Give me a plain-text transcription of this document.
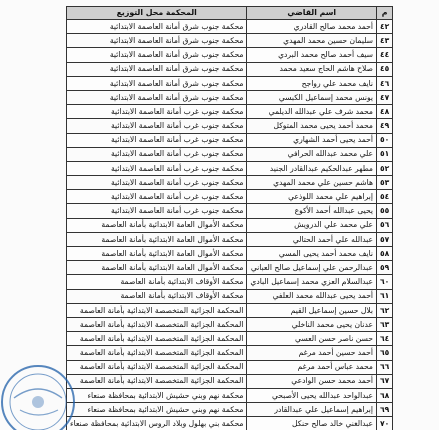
م	اسم القاضي	المحكمة محل التوزيع
٤٢	أحمد محمد صالح القادري	محكمة جنوب شرق أمانة العاصمة الابتدائية
٤٣	سليمان حسين محمد المهدي	محكمة جنوب شرق أمانة العاصمة الابتدائية
٤٤	سيف أحمد صالح محمد البردي	محكمة جنوب شرق أمانة العاصمة الابتدائية
٤٥	صلاح هاشم الحاج سعيد محمد	محكمة جنوب شرق أمانة العاصمة الابتدائية
٤٦	نايف محمد علي رواجح	محكمة جنوب شرق أمانة العاصمة الابتدائية
٤٧	يونس محمد إسماعيل الكبسي	محكمة جنوب شرق أمانة العاصمة الابتدائية
٤٨	محمد شرف علي عبدالله الديلمي	محكمة جنوب غرب أمانة العاصمة الابتدائية
٤٩	محمد أحمد يحيى محمد المتوكل	محكمة جنوب غرب أمانة العاصمة الابتدائية
٥٠	أحمد يحيى أحمد الشهاري	محكمة جنوب غرب أمانة العاصمة الابتدائية
٥١	علي محمد عبدالله الحرافي	محكمة جنوب غرب أمانة العاصمة الابتدائية
٥٢	مطهر عبدالحكيم عبدالقادر الجنيد	محكمة جنوب غرب أمانة العاصمة الابتدائية
٥٣	هاشم حسين علي محمد المهدي	محكمة جنوب غرب أمانة العاصمة الابتدائية
٥٤	إبراهيم علي محمد اللوذعي	محكمة جنوب غرب أمانة العاصمة الابتدائية
٥٥	يحيى عبدالله أحمد الأكوع	محكمة جنوب غرب أمانة العاصمة الابتدائية
٥٦	علي محمد علي الدرويش	محكمة الأموال العامة الابتدائية بأمانة العاصمة
٥٧	عبدالله علي أحمد الحتالي	محكمة الأموال العامة الابتدائية بأمانة العاصمة
٥٨	نايف محمد أحمد يحيى المسي	محكمة الأموال العامة الابتدائية بأمانة العاصمة
٥٩	عبدالرحمن علي إسماعيل صالح العباني	محكمة الأموال العامة الابتدائية بأمانة العاصمة
٦٠	عبدالسلام العزي محمد إسماعيل البادي	محكمة الأوقاف الابتدائية بأمانة العاصمة
٦١	أحمد يحيى عبدالله محمد العلفي	محكمة الأوقاف الابتدائية بأمانة العاصمة
٦٢	بلال حسين إسماعيل القيم	المحكمة الجزائية المتخصصة الابتدائية بأمانة العاصمة
٦٣	عدنان يحيى محمد الناخلي	المحكمة الجزائية المتخصصة الابتدائية بأمانة العاصمة
٦٤	حسن ناصر حسن العسي	المحكمة الجزائية المتخصصة الابتدائية بأمانة العاصمة
٦٥	أحمد حسين أحمد مرغم	المحكمة الجزائية المتخصصة الابتدائية بأمانة العاصمة
٦٦	محمد عباس أحمد مرغم	المحكمة الجزائية المتخصصة الابتدائية بأمانة العاصمة
٦٧	أحمد محمد حسن الوادعي	المحكمة الجزائية المتخصصة الابتدائية بأمانة العاصمة
٦٨	عبدالواحد عبدالله يحيى الأصبحي	محكمة نهم وبني حشيش الابتدائية بمحافظة صنعاء
٦٩	إبراهيم إسماعيل علي عبدالقادر	محكمة نهم وبني حشيش الابتدائية بمحافظة صنعاء
٧٠	عبدالغني خالد صالح حنكل	محكمة بني بهلول وبلاد الروس الابتدائية بمحافظة صنعاء
